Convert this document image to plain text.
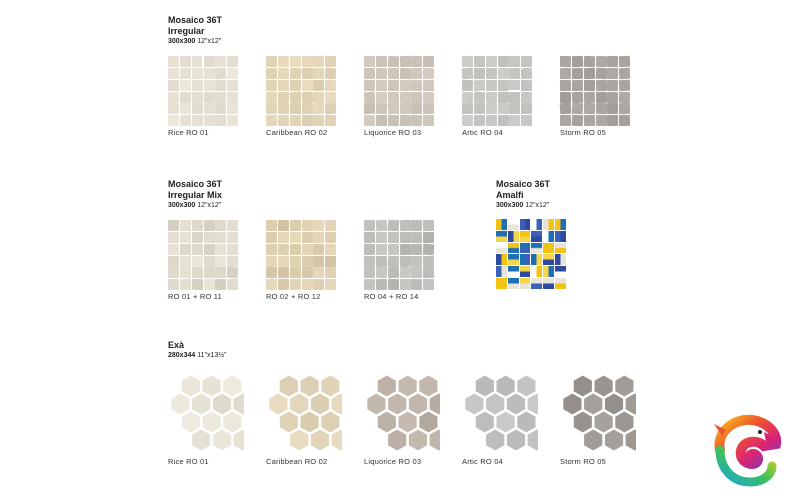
Mosaico 36T
Irregular
300x300 12"x12"
Rice RO 01	Caribbean RO 02	Liquorice RO 03	Artic RO 04	Storm RO 05
Mosaico 36T
Irregular Mix
300x300 12"x12"
RO 01 + RO 11	RO 02 + RO 12	RO 04 + RO 14
Mosaico 36T
Amalfi
300x300 12"x12"
Exà
280x344 11"x13½"
Rice RO 01	Caribbean RO 02	Liquorice RO 03	Artic RO 04	Storm RO 05
